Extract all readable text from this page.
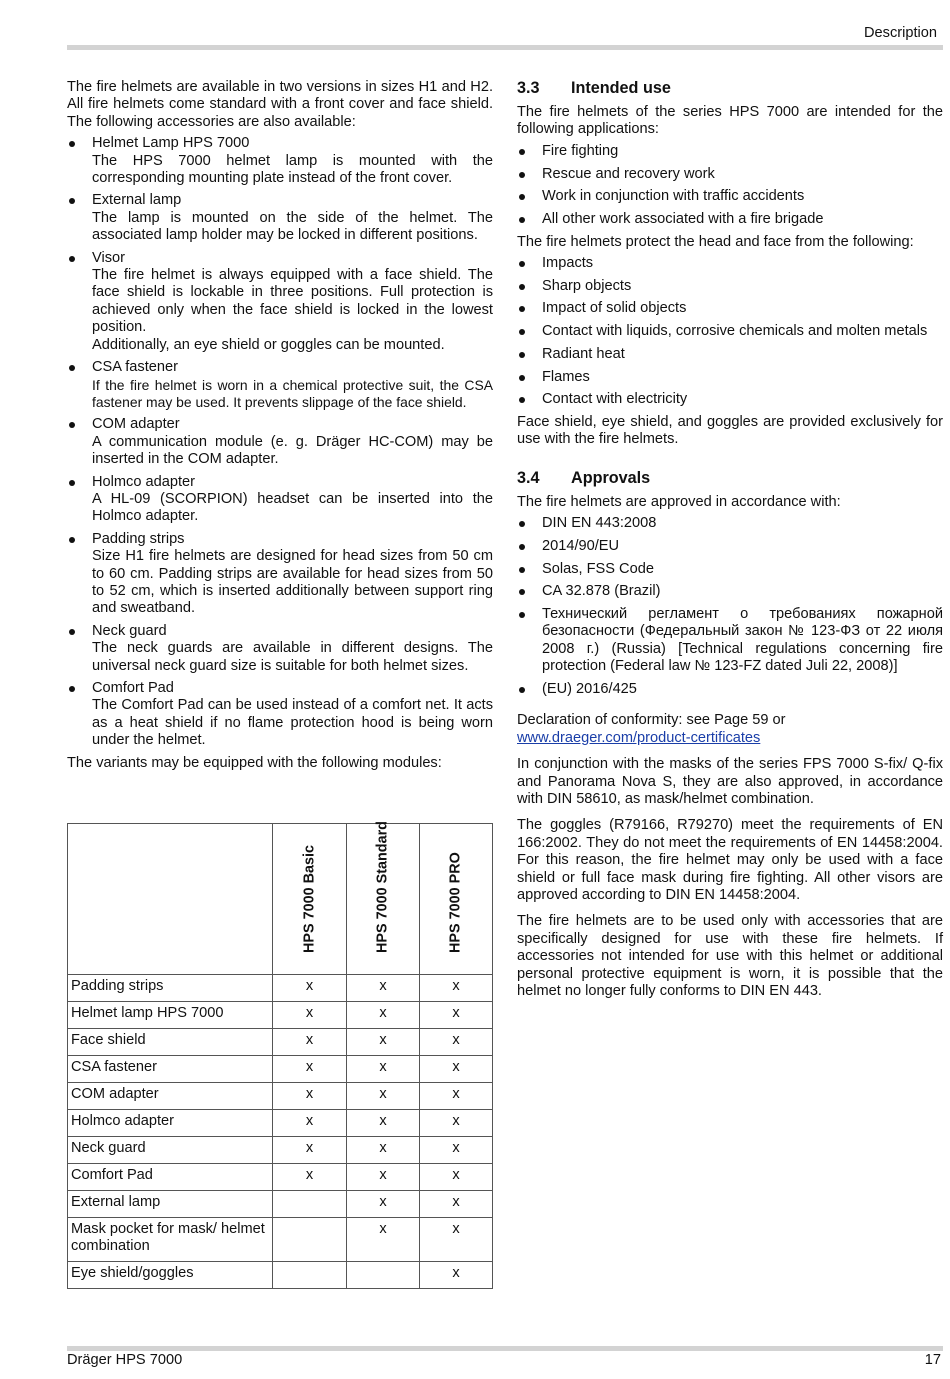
Description

The fire helmets are available in two versions in sizes H1 and H2. All fire helmets come standard with a front cover and face shield. The following accessories are also available:

Helmet Lamp HPS 7000
The HPS 7000 helmet lamp is mounted with the corresponding mounting plate instead of the front cover.
External lamp
The lamp is mounted on the side of the helmet. The associated lamp holder may be locked in different positions.
Visor
The fire helmet is always equipped with a face shield. The face shield is lockable in three positions. Full protection is achieved only when the face shield is locked in the lowest position.
Additionally, an eye shield or goggles can be mounted.
CSA fastener
If the fire helmet is worn in a chemical protective suit, the CSA fastener may be used. It prevents slippage of the face shield.
COM adapter
A communication module (e. g. Dräger HC-COM) may be inserted in the COM adapter.
Holmco adapter
A HL-09 (SCORPION) headset can be inserted into the Holmco adapter.
Padding strips
Size H1 fire helmets are designed for head sizes from 50 cm to 60 cm. Padding strips are available for head sizes from 50 to 52 cm, which is inserted additionally between support ring and sweatband.
Neck guard
The neck guards are available in different designs. The universal neck guard size is suitable for both helmet sizes.
Comfort Pad
The Comfort Pad can be used instead of a comfort net. It acts as a heat shield if no flame protection hood is being worn under the helmet.

The variants may be equipped with the following modules:

	HPS 7000 Basic	HPS 7000 Standard	HPS 7000 PRO

Padding strips	x	x	x
Helmet lamp HPS 7000	x	x	x
Face shield	x	x	x
CSA fastener	x	x	x
COM adapter	x	x	x
Holmco adapter	x	x	x
Neck guard	x	x	x
Comfort Pad	x	x	x
External lamp		x	x
Mask pocket for mask/ helmet combination		x	x
Eye shield/goggles			x
3.3 Intended use

The fire helmets of the series HPS 7000 are intended for the following applications:

Fire fighting
Rescue and recovery work
Work in conjunction with traffic accidents
All other work associated with a fire brigade

The fire helmets protect the head and face from the following:

Impacts
Sharp objects
Impact of solid objects
Contact with liquids, corrosive chemicals and molten metals
Radiant heat
Flames
Contact with electricity

Face shield, eye shield, and goggles are provided exclusively for use with the fire helmets.

3.4 Approvals

The fire helmets are approved in accordance with:

DIN EN 443:2008
2014/90/EU
Solas, FSS Code
CA 32.878 (Brazil)
Технический регламент о требованиях пожарной безопасности (Федеральный закон № 123-ФЗ от 22 июля 2008 г.) (Russia) [Technical regulations concerning fire protection (Federal law № 123-FZ dated Juli 22, 2008)]
(EU) 2016/425

Declaration of conformity: see Page 59 or

www.draeger.com/product-certificates

In conjunction with the masks of the series FPS 7000 S-fix/ Q-fix and Panorama Nova S, they are also approved, in accordance with DIN 58610, as mask/helmet combination.

The goggles (R79166, R79270) meet the requirements of EN 166:2002. They do not meet the requirements of EN 14458:2004. For this reason, the fire helmet may only be used with a face shield or full face mask during fire fighting. All other visors are approved according to DIN EN 14458:2004.

The fire helmets are to be used only with accessories that are specifically designed for use with these fire helmets. If accessories not intended for use with this helmet or additional personal protective equipment is worn, it is possible that the helmet no longer fully conforms to DIN EN 443.

Dräger HPS 7000	17
